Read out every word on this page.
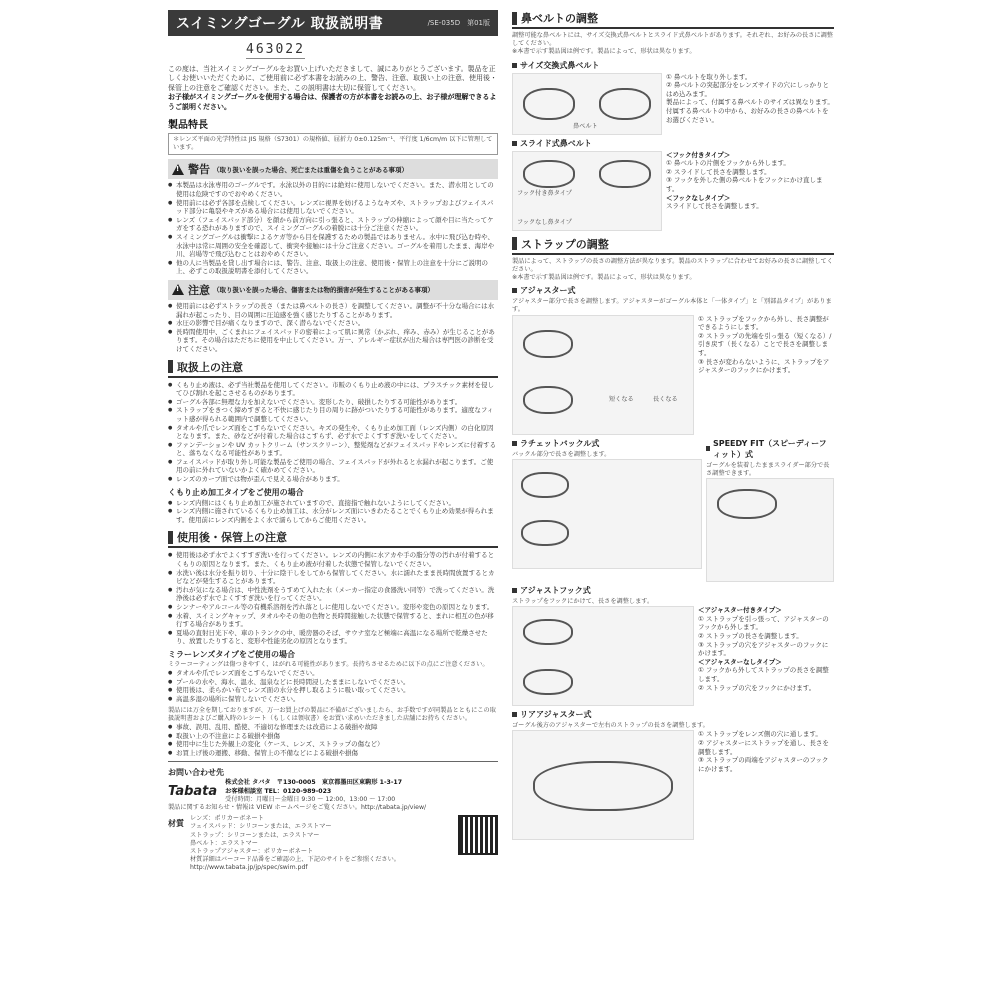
スイミングゴーグル 取扱説明書	/SE-035D　第01版
463022

この度は、当社スイミングゴーグルをお買い上げいただきまして、誠にありがとうございます。製品を正しくお使いいただくために、ご使用前に必ず本書をお読みの上、警告、注意、取扱い上の注意、使用後・保管上の注意をご確認ください。また、この説明書は大切に保管してください。

お子様がスイミングゴーグルを使用する場合は、保護者の方が本書をお読みの上、お子様が理解できるようご説明ください。

製品特長
＊レンズ平面の光学特性は JIS 規格（S7301）の規格値、屈折力 0±0.125m⁻¹、平行度 1/6cm/m 以下に管理しています。
!
警告 （取り扱いを誤った場合、死亡または重傷を負うことがある事項）
● 本製品は水泳専用のゴーグルです。水泳以外の目的には絶対に使用しないでください。また、潜水用としての使用は危険ですのでおやめください。
● 使用前には必ず各部を点検してください。レンズに視界を妨げるようなキズや、ストラップおよびフェイスパッド部分に亀裂やキズがある場合には使用しないでください。
● レンズ（フェイスパッド部分）を顔から前方向に引っ張ると、ストラップの伸縮によって顔や目に当たってケガをする恐れがありますので、スイミングゴーグルの着脱には十分ご注意ください。
● スイミングゴーグルは衝撃によるケガ等から目を保護するための製品ではありません。水中に飛び込む時や、水泳中は常に周囲の安全を確認して、衝突や接触には十分ご注意ください。ゴーグルを着用したまま、海岸や川、岩場等で飛び込むことはおやめください。
● 他の人に当製品を貸し出す場合には、警告、注意、取扱上の注意、使用後・保管上の注意を十分にご説明の上、必ずこの取扱説明書を添付してください。
!
注意 （取り扱いを誤った場合、傷害または物的損害が発生することがある事項）
● 使用前には必ずストラップの長さ（または鼻ベルトの長さ）を調整してください。調整が不十分な場合には水漏れが起こったり、目の周囲に圧迫感を強く感じたりすることがあります。
● 水圧の影響で目が痛くなりますので、深く潜らないでください。
● 長時間使用中、ごくまれにフェイスパッドの密着によって肌に異常（かぶれ、痒み、赤み）が生じることがあります。その場合はただちに使用を中止してください。万一、アレルギー症状が出た場合は専門医の診断を受けてください。
取扱上の注意
● くもり止め液は、必ず当社製品を使用してください。市販のくもり止め液の中には、プラスチック素材を侵してひび割れを起こさせるものがあります。
● ゴーグル各部に無理な力を加えないでください。変形したり、破損したりする可能性があります。
● ストラップをきつく締めすぎると不快に感じたり目の周りに跡がついたりする可能性があります。適度なフィット感が得られる範囲内で調整してください。
● タオルや爪でレンズ面をこすらないでください。キズの発生や、くもり止め加工面（レンズ内側）の白化原因となります。また、砂などが付着した場合はこすらず、必ず水でよくすすぎ洗いをしてください。
● ファンデーションや UV カットクリーム（サンスクリーン）、整髪剤などがフェイスパッドやレンズに付着すると、落ちなくなる可能性があります。
● フェイスパッドが取り外し可能な製品をご使用の場合、フェイスパッドが外れると水漏れが起こります。ご使用の前に外れていないかよく確かめてください。
● レンズのカーブ面では物が歪んで見える場合があります。
くもり止め加工タイプをご使用の場合
● レンズ内側にはくもり止め加工が施されていますので、直接指で触れないようにしてください。
● レンズ内側に施されているくもり止め加工は、水分がレンズ面にいきわたることでくもり止め効果が得られます。使用前にレンズ内側をよく水で濡らしてからご使用ください。
使用後・保管上の注意
● 使用後は必ず水でよくすすぎ洗いを行ってください。レンズの内側に水アカや手の脂分等の汚れが付着するとくもりの原因となります。また、くもり止め液が付着した状態で保管しないでください。
● 水洗い後は水分を振り切り、十分に陰干しをしてから保管してください。水に濡れたまま長時間放置するとカビなどが発生することがあります。
● 汚れが気になる場合は、中性洗剤をうすめて入れた水（メーカー指定の食器洗い同等）で洗ってください。洗浄後は必ず水でよくすすぎ洗いを行ってください。
● シンナーやアルコール等の有機系溶剤を汚れ落としに使用しないでください。変形や変色の原因となります。
● 水着、スイミングキャップ、タオルやその他の色物と長時間接触した状態で保管すると、まれに相互の色が移行する場合があります。
● 夏場の直射日光下や、車のトランクの中、暖房器のそば、サウナ室など極端に高温になる場所で乾燥させたり、放置したりすると、変形や性能劣化の原因となります。
ミラーレンズタイプをご使用の場合

ミラーコーティングは傷つきやすく、はがれる可能性があります。長持ちさせるために以下の点にご注意ください。

● タオルや爪でレンズ面をこすらないでください。
● プールの水や、海水、温水、温泉などに長時間浸したままにしないでください。
● 使用後は、柔らかい布でレンズ面の水分を押し取るように吸い取ってください。
● 高温多湿の場所に保管しないでください。

製品には万全を期しておりますが、万一お買上げの製品に不備がございましたら、お手数ですが同製品とともにこの取扱説明書およびご購入時のレシート（もしくは領収書）をお買い求めいただきました店舗にお持ちください。

● 事故、誤用、乱用、酷使、不適切な修理または改造による破損や故障
● 取扱い上の不注意による破損や損傷
● 使用中に生じた外観上の変化（ケース、レンズ、ストラップの傷など）
● お買上げ後の運搬、移動、保管上の不備などによる破損や損傷
お問い合わせ先
Tabata
株式会社 タバタ　〒130-0005　東京都墨田区東駒形 1-3-17
お客様相談室 TEL：0120-989-023
受付時間：月曜日〜金曜日 9:30 〜 12:00、13:00 〜 17:00
製品に関するお知らせ・情報は VIEW ホームページをご覧ください。http://tabata.jp/view/
材質
レンズ：ポリカーボネート
フェイスパッド：シリコーンまたは、エラストマー
ストラップ：シリコーンまたは、エラストマー
鼻ベルト：エラストマー
ストラップアジャスター：ポリカーボネート
材質詳細はバーコード品番をご確認の上、下記のサイトをご参照ください。
http://www.tabata.jp/jp/spec/swim.pdf
鼻ベルトの調整

調整可能な鼻ベルトには、サイズ交換式鼻ベルトとスライド式鼻ベルトがあります。それぞれ、お好みの長さに調整してください。

※本書で示す製品図は例です。製品によって、形状は異なります。

サイズ交換式鼻ベルト
鼻ベルト
① 鼻ベルトを取り外します。
② 鼻ベルトの突起部分をレンズサイドの穴にしっかりとはめ込みます。
製品によって、付属する鼻ベルトのサイズは異なります。付属する鼻ベルトの中から、お好みの長さの鼻ベルトをお選びください。
スライド式鼻ベルト
フック付き鼻タイプ
フックなし鼻タイプ
＜フック付きタイプ＞
① 鼻ベルトの片側をフックから外します。
② スライドして長さを調整します。
③ フックを外した側の鼻ベルトをフックにかけ直します。
＜フックなしタイプ＞
スライドして長さを調整します。
ストラップの調整

製品によって、ストラップの長さの調整方法が異なります。製品のストラップに合わせてお好みの長さに調整してください。

※本書で示す製品図は例です。製品によって、形状は異なります。

アジャスター式

アジャスター部分で長さを調整します。アジャスターがゴーグル本体と「一体タイプ」と「別部品タイプ」があります。

短くなる	長くなる
① ストラップをフックから外し、長さ調整ができるようにします。
② ストラップの先端を引っ張る（短くなる）/引き戻す（長くなる）ことで長さを調整します。
③ 長さが変わらないように、ストラップをアジャスターのフックにかけます。
ラチェットバックル式

バックル部分で長さを調整します。

SPEEDY FIT（スピーディーフィット）式

ゴーグルを装着したままスライダー部分で長さ調整できます。

アジャストフック式

ストラップをフックにかけて、長さを調整します。

＜アジャスター付きタイプ＞
① ストラップを引っ張って、アジャスターのフックから外します。
② ストラップの長さを調整します。
③ ストラップの穴をアジャスターのフックにかけます。
＜アジャスターなしタイプ＞
① フックから外してストラップの長さを調整します。
② ストラップの穴をフックにかけます。
リアアジャスター式

ゴーグル後方のアジャスターで左右のストラップの長さを調整します。

① ストラップをレンズ側の穴に通します。
② アジャスターにストラップを通し、長さを調整します。
③ ストラップの両端をアジャスターのフックにかけます。
